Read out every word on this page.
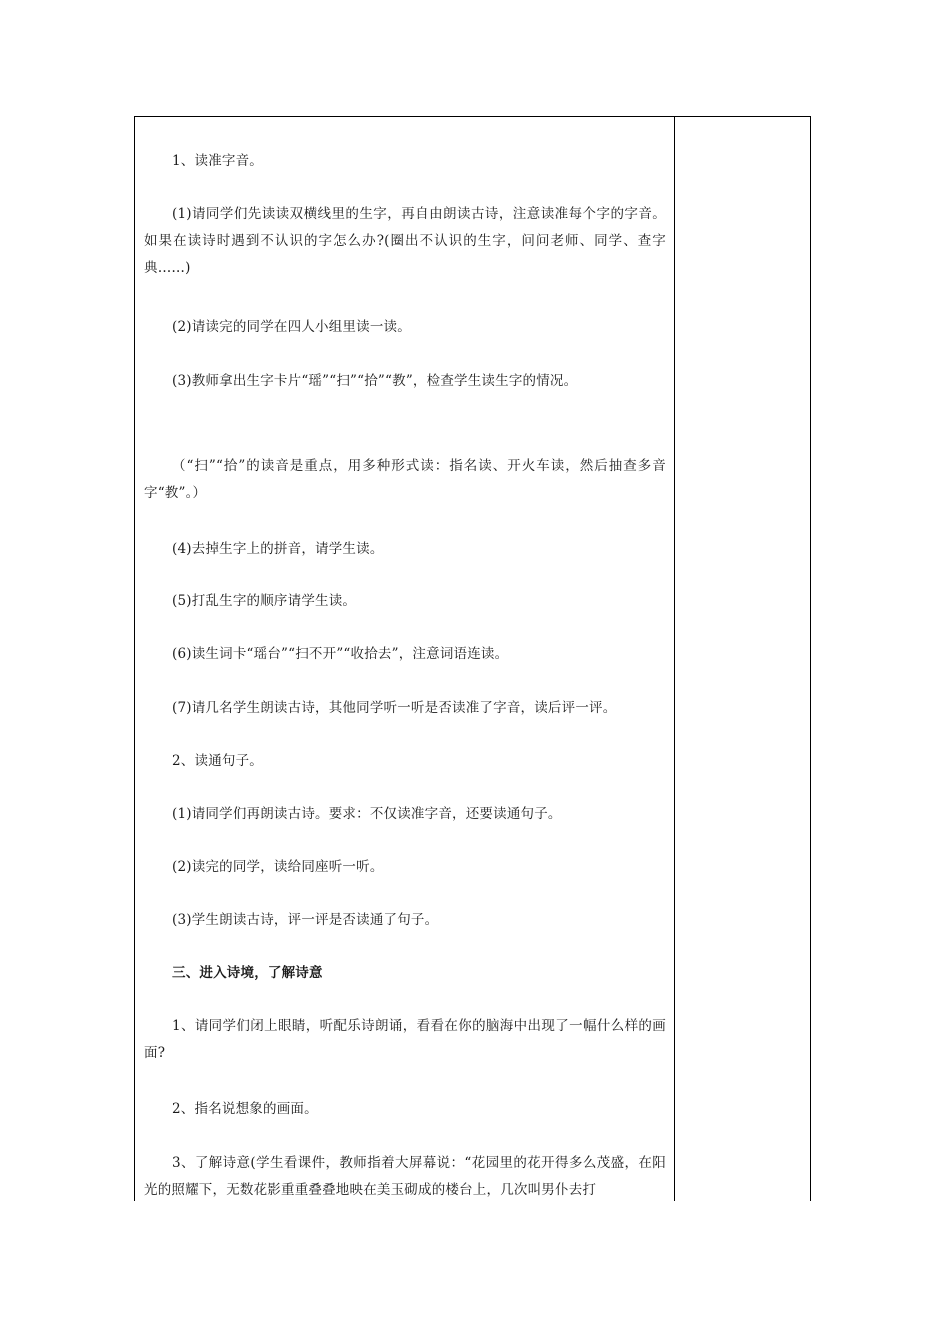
1、读准字音。

(1)请同学们先读读双横线里的生字，再自由朗读古诗，注意读准每个字的字音。如果在读诗时遇到不认识的字怎么办?(圈出不认识的生字，问问老师、同学、查字典……)

(2)请读完的同学在四人小组里读一读。

(3)教师拿出生字卡片“瑶”“扫”“拾”“教”，检查学生读生字的情况。

（“扫”“拾”的读音是重点，用多种形式读：指名读、开火车读，然后抽查多音字“教”。）

(4)去掉生字上的拼音，请学生读。

(5)打乱生字的顺序请学生读。

(6)读生词卡“瑶台”“扫不开”“收拾去”，注意词语连读。

(7)请几名学生朗读古诗，其他同学听一听是否读准了字音，读后评一评。

2、读通句子。

(1)请同学们再朗读古诗。要求：不仅读准字音，还要读通句子。

(2)读完的同学，读给同座听一听。

(3)学生朗读古诗，评一评是否读通了句子。

三、进入诗境，了解诗意

1、请同学们闭上眼睛，听配乐诗朗诵，看看在你的脑海中出现了一幅什么样的画面?

2、指名说想象的画面。

3、了解诗意(学生看课件，教师指着大屏幕说：“花园里的花开得多么茂盛，在阳光的照耀下，无数花影重重叠叠地映在美玉砌成的楼台上，几次叫男仆去打
